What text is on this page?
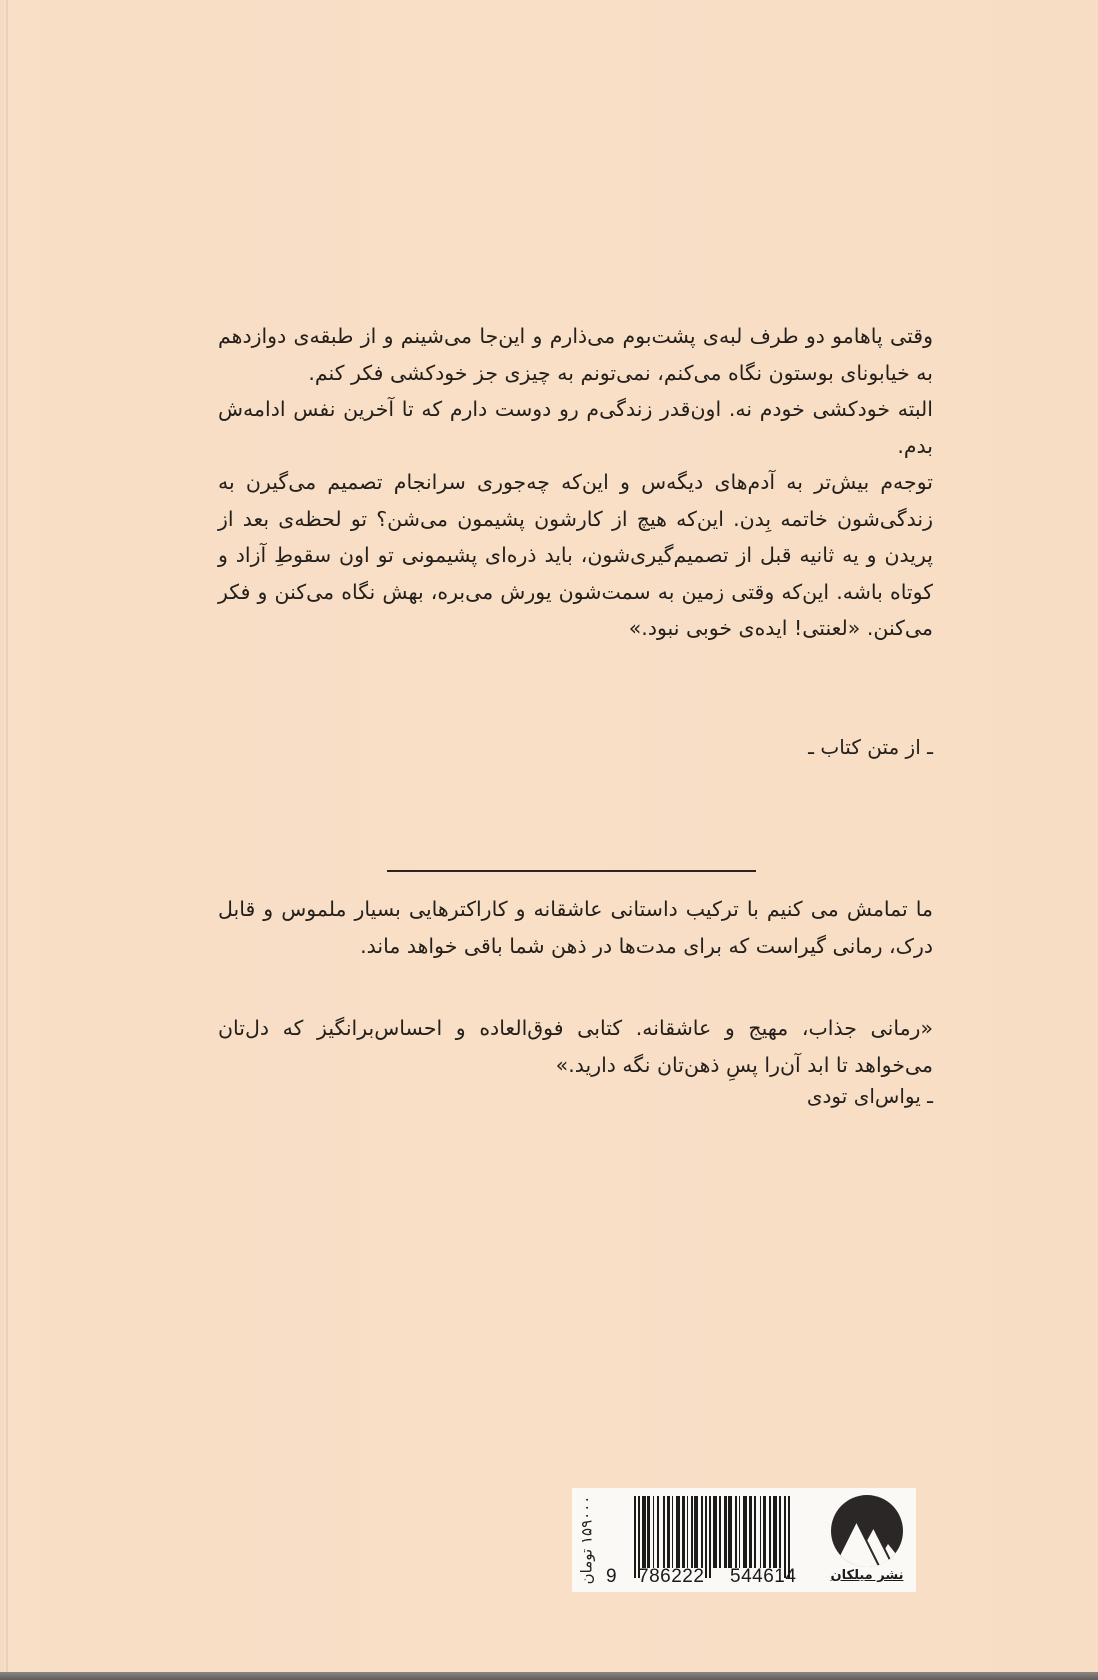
وقتی پاهامو دو طرف لبه‌ی پشت‌بوم می‌ذارم و این‌جا می‌شینم و از طبقه‌ی دوازدهم به خیابونای بوستون نگاه می‌کنم، نمی‌تونم به چیزی جز خودکشی فکر کنم.

البته خودکشی خودم نه. اون‌قدر زندگی‌م رو دوست دارم که تا آخرین نفس ادامه‌ش بدم.

توجه‌م بیش‌تر به آدم‌های دیگه‌س و این‌که چه‌جوری سرانجام تصمیم می‌گیرن به زندگی‌شون خاتمه بِدن. این‌که هیچ از کارشون پشیمون می‌شن؟ تو لحظه‌ی بعد از پریدن و یه ثانیه قبل از تصمیم‌گیری‌شون، باید ذره‌ای پشیمونی تو اون سقوطِ آزاد و کوتاه باشه. این‌که وقتی زمین به سمت‌شون یورش می‌بره، بهش نگاه می‌کنن و فکر می‌کنن. «لعنتی! ایده‌ی خوبی نبود.»

ـ از متن کتاب ـ

ما تمامش می کنیم با ترکیب داستانی عاشقانه و کاراکترهایی بسیار ملموس و قابل درک، رمانی گیراست که برای مدت‌ها در ذهن شما باقی خواهد ماند.

«رمانی جذاب، مهیج و عاشقانه. کتابی فوق‌العاده و احساس‌برانگیز که دل‌تان می‌خواهد تا ابد آن‌را پسِ ذهن‌تان نگه دارید.»

ـ یواس‌ای تودی
۱۵۹۰۰۰ تومان
9 786222 544614	نشر میلکان
